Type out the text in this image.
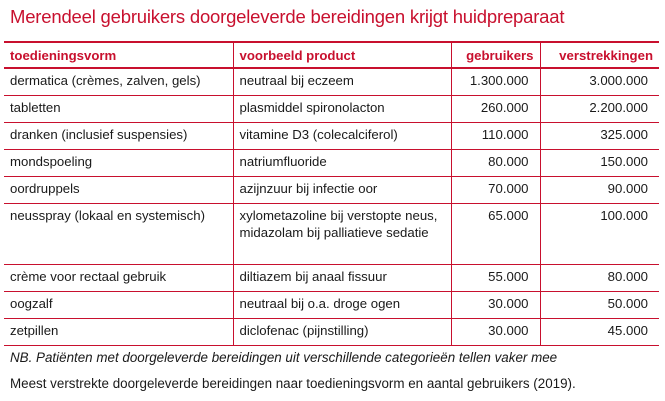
Merendeel gebruikers doorgeleverde bereidingen krijgt huidpreparaat
toedieningsvorm	voorbeeld product	gebruikers	verstrekkingen
dermatica (crèmes, zalven, gels)	neutraal bij eczeem	1.300.000	3.000.000
tabletten	plasmiddel spironolacton	260.000	2.200.000
dranken (inclusief suspensies)	vitamine D3 (colecalciferol)	110.000	325.000
mondspoeling	natriumfluoride	80.000	150.000
oordruppels	azijnzuur bij infectie oor	70.000	90.000
neusspray (lokaal en systemisch)	xylometazoline bij verstopte neus, midazolam bij palliatieve sedatie	65.000	100.000
crème voor rectaal gebruik	diltiazem bij anaal fissuur	55.000	80.000
oogzalf	neutraal bij o.a. droge ogen	30.000	50.000
zetpillen	diclofenac (pijnstilling)	30.000	45.000
NB. Patiënten met doorgeleverde bereidingen uit verschillende categorieën tellen vaker mee
Meest verstrekte doorgeleverde bereidingen naar toedieningsvorm en aantal gebruikers (2019).
